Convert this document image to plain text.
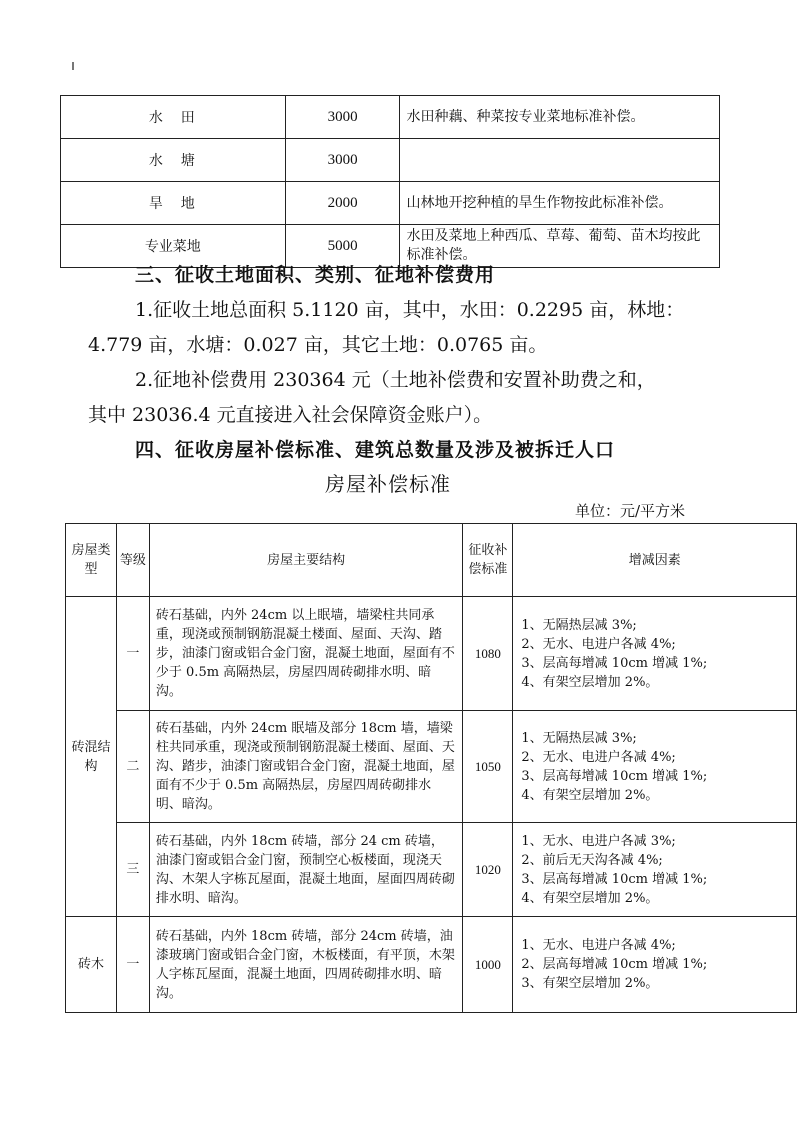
水　田	3000	水田种藕、种菜按专业菜地标准补偿。
水　塘	3000	
旱　地	2000	山林地开挖种植的旱生作物按此标准补偿。
专业菜地	5000	水田及菜地上种西瓜、草莓、葡萄、苗木均按此标准补偿。

三、征收土地面积、类别、征地补偿费用

1.征收土地总面积 5.1120 亩，其中，水田：0.2295 亩，林地：

4.779 亩，水塘：0.027 亩，其它土地：0.0765 亩。

2.征地补偿费用 230364 元（土地补偿费和安置补助费之和，

其中 23036.4 元直接进入社会保障资金账户）。

四、征收房屋补偿标准、建筑总数量及涉及被拆迁人口

房屋补偿标准

单位：元/平方米
房屋类型	等级	房屋主要结构	征收补偿标准	增减因素
砖混结构	一	砖石基础，内外 24cm 以上眠墙，墙梁柱共同承重，现浇或预制钢筋混凝土楼面、屋面、天沟、踏步，油漆门窗或铝合金门窗，混凝土地面，屋面有不少于 0.5m 高隔热层，房屋四周砖砌排水明、暗沟。	1080	1、无隔热层减 3%;
2、无水、电进户各减 4%;
3、层高每增减 10cm 增减 1%;
4、有架空层增加 2%。

	二	砖石基础，内外 24cm 眠墙及部分 18cm 墙，墙梁柱共同承重，现浇或预制钢筋混凝土楼面、屋面、天沟、踏步，油漆门窗或铝合金门窗，混凝土地面，屋面有不少于 0.5m 高隔热层，房屋四周砖砌排水明、暗沟。	1050	1、无隔热层减 3%;
2、无水、电进户各减 4%;
3、层高每增减 10cm 增减 1%;
4、有架空层增加 2%。

	三	砖石基础，内外 18cm 砖墙，部分 24 cm 砖墙，油漆门窗或铝合金门窗，预制空心板楼面，现浇天沟、木架人字栋瓦屋面，混凝土地面，屋面四周砖砌排水明、暗沟。	1020	1、无水、电进户各减 3%;
2、前后无天沟各减 4%;
3、层高每增减 10cm 增减 1%;
4、有架空层增加 2%。

砖木	一	砖石基础，内外 18cm 砖墙，部分 24cm 砖墙，油漆玻璃门窗或铝合金门窗，木板楼面，有平顶，木架人字栋瓦屋面，混凝土地面，四周砖砌排水明、暗沟。	1000	1、无水、电进户各减 4%;
2、层高每增减 10cm 增减 1%;
3、有架空层增加 2%。
